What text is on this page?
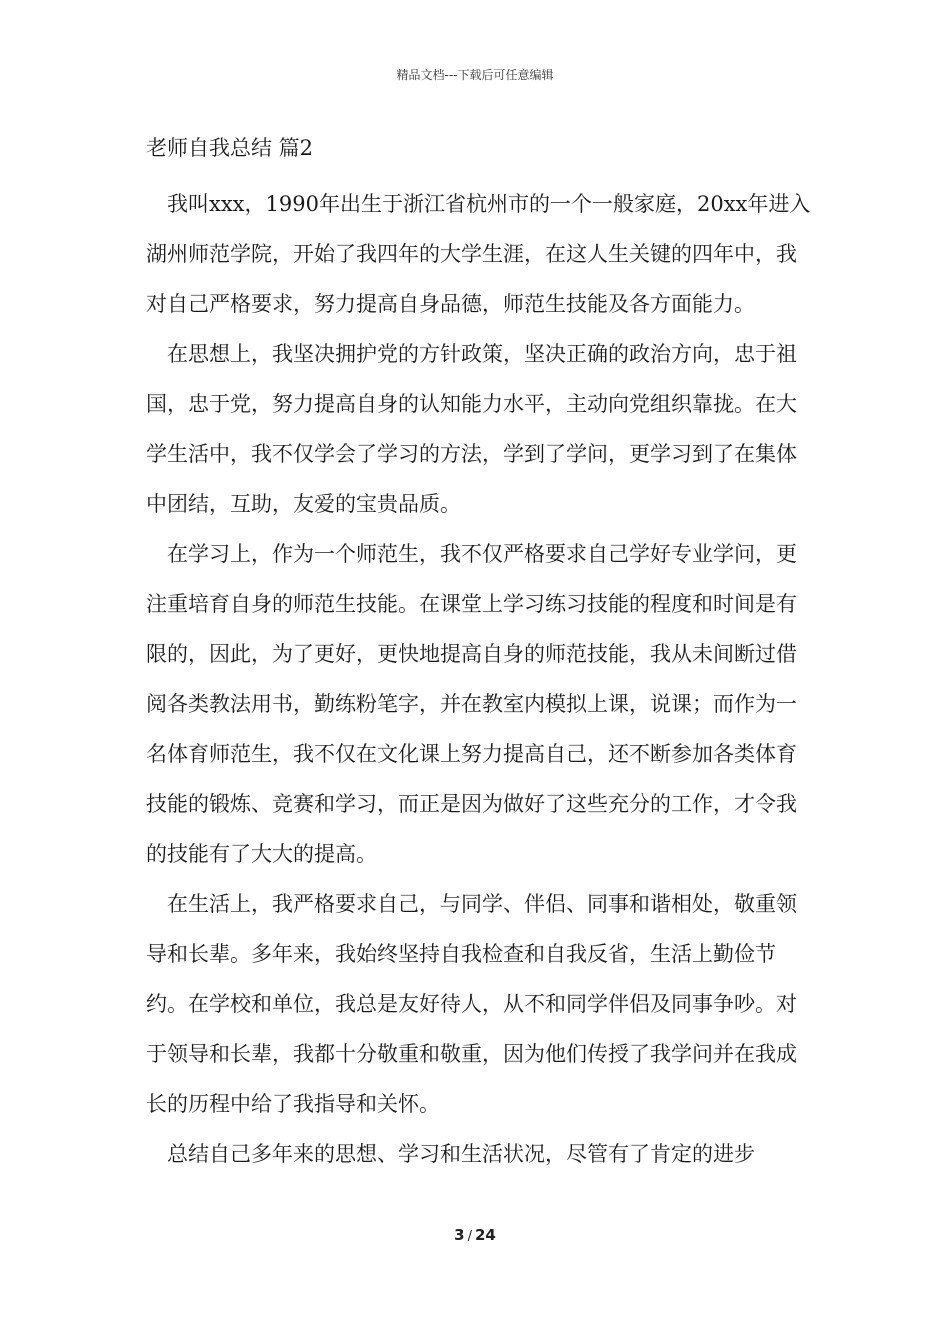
精品文档---下载后可任意编辑
老师自我总结 篇2

我叫xxx，1990年出生于浙江省杭州市的一个一般家庭，20xx年进入湖州师范学院，开始了我四年的大学生涯，在这人生关键的四年中，我对自己严格要求，努力提高自身品德，师范生技能及各方面能力。

在思想上，我坚决拥护党的方针政策，坚决正确的政治方向，忠于祖国，忠于党，努力提高自身的认知能力水平，主动向党组织靠拢。在大学生活中，我不仅学会了学习的方法，学到了学问，更学习到了在集体中团结，互助，友爱的宝贵品质。

在学习上，作为一个师范生，我不仅严格要求自己学好专业学问，更注重培育自身的师范生技能。在课堂上学习练习技能的程度和时间是有限的，因此，为了更好，更快地提高自身的师范技能，我从未间断过借阅各类教法用书，勤练粉笔字，并在教室内模拟上课，说课；而作为一名体育师范生，我不仅在文化课上努力提高自己，还不断参加各类体育技能的锻炼、竞赛和学习，而正是因为做好了这些充分的工作，才令我的技能有了大大的提高。

在生活上，我严格要求自己，与同学、伴侣、同事和谐相处，敬重领导和长辈。多年来，我始终坚持自我检查和自我反省，生活上勤俭节约。在学校和单位，我总是友好待人，从不和同学伴侣及同事争吵。对于领导和长辈，我都十分敬重和敬重，因为他们传授了我学问并在我成长的历程中给了我指导和关怀。

总结自己多年来的思想、学习和生活状况，尽管有了肯定的进步

3 / 24
